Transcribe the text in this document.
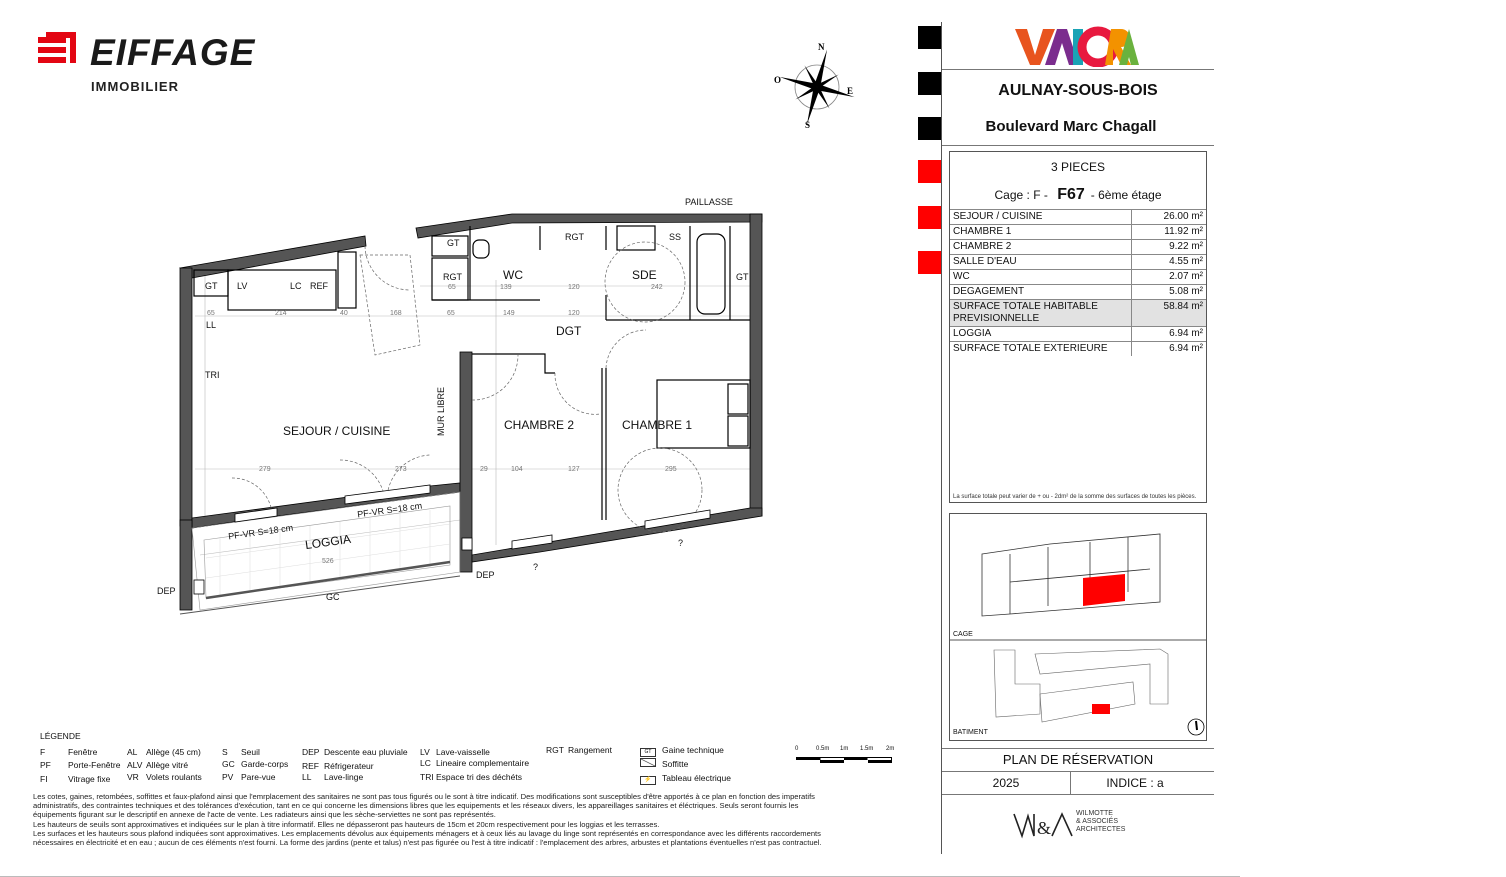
EIFFAGE
IMMOBILIER
N
O
E
S
SEJOUR / CUISINE	CHAMBRE 2	CHAMBRE 1
DGT
WC	SDE
LOGGIA
GT LV	LC REF
LL
TRI
GT
RGT
RGT	SS
GT
PAILLASSE
MUR LIBRE
DEP
DEP
GC
?
?
PF-VR S=18 cm
PF-VR S=18 cm
65	214	40	168	65	149	120
65	139	120	242
279	273	29	104	127	295
526
AULNAY-SOUS-BOIS
Boulevard Marc Chagall
3 PIECES
Cage : F - F67 - 6ème étage
SEJOUR / CUISINE	26.00 m²
CHAMBRE 1	11.92 m²
CHAMBRE 2	9.22 m²
SALLE D'EAU	4.55 m²
WC	2.07 m²
DEGAGEMENT	5.08 m²
SURFACE TOTALE HABITABLE
PREVISIONNELLE	58.84 m²
LOGGIA	6.94 m²
SURFACE TOTALE EXTERIEURE	6.94 m²
La surface totale peut varier de + ou - 2dm² de la somme des surfaces de toutes les pièces.
CAGE
BATIMENT
PLAN DE RÉSERVATION
2025	INDICE : a
&
WILMOTTE
& ASSOCIÉS
ARCHITECTES
LÉGENDE
F	Fenêtre
PF Porte-Fenêtre
FI Vitrage fixe
AL Allège (45 cm)
ALV Allège vitré
VR Volets roulants
S Seuil
GC Garde-corps
PV Pare-vue
DEP Descente eau pluviale
REF Réfrigerateur
LL Lave-linge
LV Lave-vaisselle
LC Lineaire complementaire
TRI Espace tri des déchéts
RGT Rangement	GT Gaine technique
Soffitte
⚡ Tableau électrique
0	0.5m 1m 1.5m 2m
Les cotes, gaines, retombées, soffittes et faux-plafond ainsi que l'emrplacement des sanitaires ne sont pas tous figurés ou le sont à titre indicatif. Des modifications sont susceptibles d'être apportés à ce plan en fonction des imperatifs
administratifs, des contraintes techniques et des tolérances d'exécution, tant en ce qui concerne les dimensions libres que les equipements et les réseaux divers, les appareillages sanitaires et éléctriques. Seuls seront fournis les
équipements figurant sur le descriptif en annexe de l'acte de vente. Les radiateurs ainsi que les sèche-serviettes ne sont pas représentés.
Les hauteurs de seuils sont approximatives et indiquées sur le plan à titre informatif. Elles ne dépasseront pas hauteurs de 15cm et 20cm respectivement pour les loggias et les terrasses.
Les surfaces et les hauteurs sous plafond indiquées sont approximatives. Les emplacements dévolus aux équipements ménagers et à ceux liés au lavage du linge sont représentés en correspondance avec les différents raccordements
nécessaires en électricité et en eau ; aucun de ces éléments n'est fourni. La forme des jardins (pente et talus) n'est pas figurée ou l'est à titre indicatif : l'emplacement des arbres, arbustes et plantations éventuelles n'est pas contractuel.
